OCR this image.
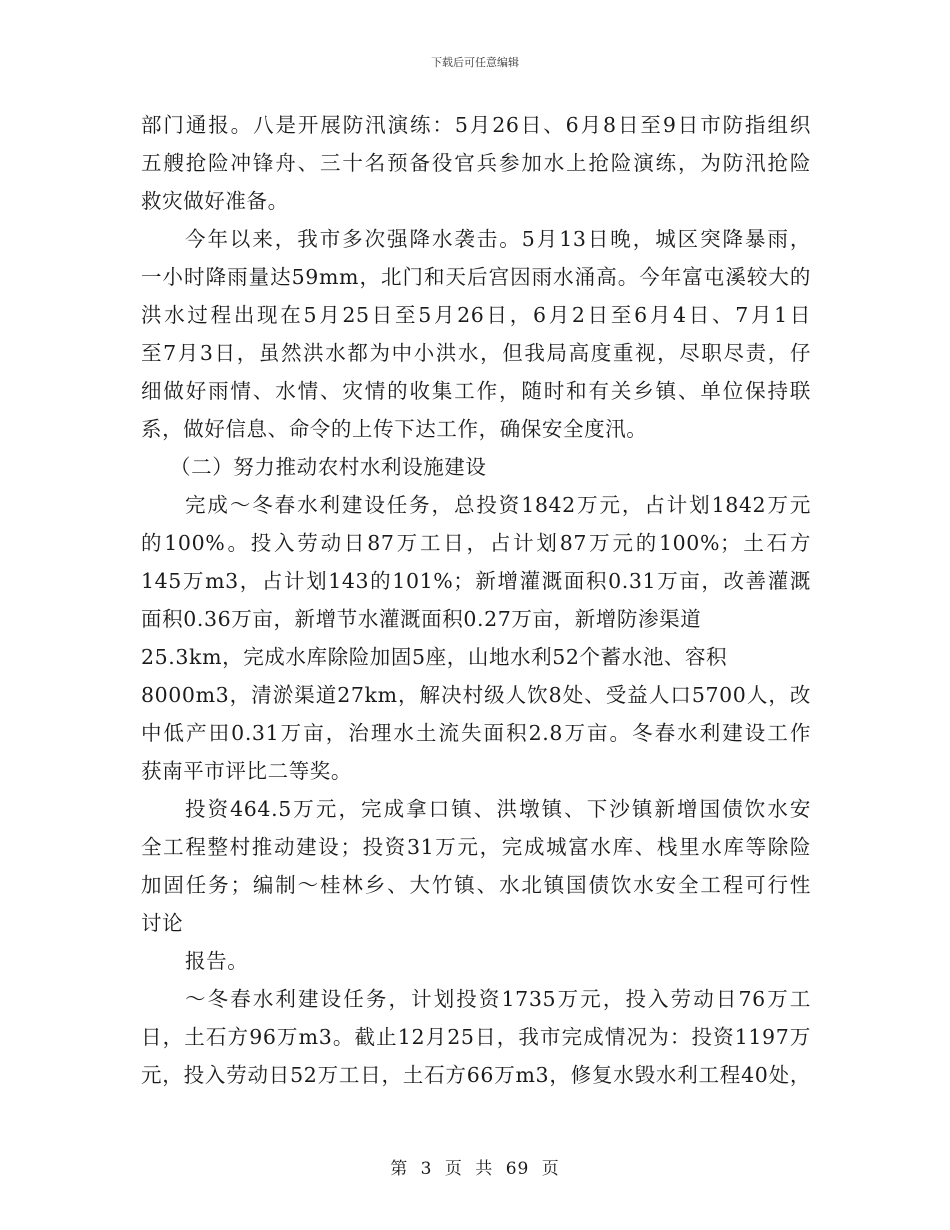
下载后可任意编辑
部门通报。八是开展防汛演练：5月26日、6月8日至9日市防指组织
五艘抢险冲锋舟、三十名预备役官兵参加水上抢险演练，为防汛抢险
救灾做好准备。
今年以来，我市多次强降水袭击。5月13日晚，城区突降暴雨，
一小时降雨量达59mm，北门和天后宫因雨水涌高。今年富屯溪较大的
洪水过程出现在5月25日至5月26日，6月2日至6月4日、7月1日
至7月3日，虽然洪水都为中小洪水，但我局高度重视，尽职尽责，仔
细做好雨情、水情、灾情的收集工作，随时和有关乡镇、单位保持联
系，做好信息、命令的上传下达工作，确保安全度汛。
（二）努力推动农村水利设施建设
完成～冬春水利建设任务，总投资1842万元，占计划1842万元
的100%。投入劳动日87万工日，占计划87万元的100%；土石方
145万m3，占计划143的101%；新增灌溉面积0.31万亩，改善灌溉
面积0.36万亩，新增节水灌溉面积0.27万亩，新增防渗渠道
25.3km，完成水库除险加固5座，山地水利52个蓄水池、容积
8000m3，清淤渠道27km，解决村级人饮8处、受益人口5700人，改
中低产田0.31万亩，治理水土流失面积2.8万亩。冬春水利建设工作
获南平市评比二等奖。
投资464.5万元，完成拿口镇、洪墩镇、下沙镇新增国债饮水安
全工程整村推动建设；投资31万元，完成城富水库、栈里水库等除险
加固任务；编制～桂林乡、大竹镇、水北镇国债饮水安全工程可行性
讨论
报告。
～冬春水利建设任务，计划投资1735万元，投入劳动日76万工
日，土石方96万m3。截止12月25日，我市完成情况为：投资1197万
元，投入劳动日52万工日，土石方66万m3，修复水毁水利工程40处，
第 3 页 共 69 页
